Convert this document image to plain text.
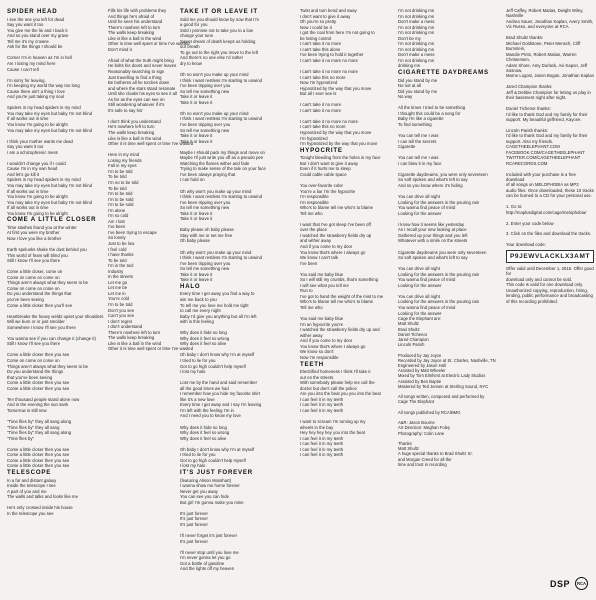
SPIDER HEAD
I see the one you left for dead
Say you want it too
You give me the lie and I back it
And so you stand over my grave
Tell me it's my crowne
Ask for the things I should be
Corner I'm in heaven as I'm in hell
Am I losing my mind here
Cause I can't tell
I'm sorry for leaving,
I'm keeping my world the way too long
Cause there ain't a thing I love
And you're just taking my soul
Spiders in my head spiders in my mind
You may take my eyes but baby I'm not blind
If all works out in time
You know I'm going to be alright
You may take my eyes but baby I'm not blind
I think your mother wants me dead
Say you want it too
I am a schizophrenic mess
I wouldn't change you if I could
Cause I'm in my own head
And let's go kill it
Spiders in my head spiders in my mind
You may take my eyes but baby I'm not blind
If all works out in time
You know I'm going to be alright
You may take my eyes but baby I'm not blind
If all works out in time
You know I'm going to be alright
COME A LITTLE CLOSER
Time slashes found you at the winter
At first you were my brother
Now I love you like a brother
Earth spelunks shake the dust behind you
This world of fears will blind you
Still I know I'll see you there
Come a little closer, come on
Come on come on come on
Things aren't always what they seem to be
Come on come on come on
Do you understand the things that
you've been seeing
Come a little closer then you'll see
Heartbreaks the heavy welds upset your shoulders
Will we burn or or just smolder
Somewhere I know I'll see you there
You wanna see if you can change it (change it)
Still I know I'll see you there
Come a little closer then you see
Come on come on come on
Things aren't always what they seem to be
Do you understand the things
that you've been seeing
Come a little closer then you see
Come a little closer then you see
Ten thousand people stand alone now
And in the evening the sun sank
Tomorrow is still new
"Time flies by" they all sang along
"Time flies by" they all sang
"Time flies by" they all sang along
"Time flies by"
Come a little closer then you see
Come a little closer then you see
Come a little closer then you see
Come a little closer then you see
TELESCOPE
In a far and distant galaxy
Inside the telescope I see
A part of you and me
The walls and talks and looks like me
He's only crossed inside his house
In the telescope you see
Fills his life with problems they
And things he's afraid of
Until he sees his understand
There's nowhere left to turn
The walls keep breaking
Like is like a ball in the wind
Other is time well spent or time I've wasted
Don't mind it
Afraid of what the truth might bring
He bolts his doors and never leaves
Reasonably searching to sign
Just travelling to find a thing
Be botheres all he torches down
and where the stars stand resonate
Until she cloaks his eyes to see it all
As far as the eyes can see on
Still wondering whatever if it's
It's safe to say his'
I don't think you understand
He's nowhere left to turn
The walls keep breaking
Like is like a ball in the wind
Other it is time well spent or time I've wasted
Here in my mind
Losing my friends
Fall in my eyes
I'm to be told
To be told
I'm no to be told
To be told
I'm to be told
I'm to be sold
I'm to be sold
I'm alone
I'm so cold
Am I lost
I've been
I've been trying to escape
So lonely
Just to be low
I feel cold
I have thanks
To be told
I'm in the tool
Industry
In the streets
Let me go
Let me be
Let me in
You're cold
I'm to be told
Don't you see
Can't you see
I don't regret
I don't understand
There's nowhere left to turn
The walls keep breaking
Like is like a ball in the wind
Other it is time well spent or time I've wasted
TAKE IT OR LEAVE IT
Sold me you should know by now that I'm
a good for you
Sold I promise not to take you to a low
change your tune
Sweet dream of death keeps us holding
our breath
To go out to the right you move to the left
And there's no one else I'd rather
dry to know
Oh no won't you make up your mind
I think I want restless I'm starting to unwind
I've been tripping over you
So tell me something new
Take it or leave it
Take it or leave it
Oh no won't you make up your mind
I think I want restless I'm starting to unwind
I've been tripping over you
So tell me something new
Take it or leave it
Take it or leave it
Maybe I should pack my things and move on
Maybe I'll just write you off as a pseudo pen
Watching the flames wither and fade
Trying to make sense of the tale on your face
I've been always praying that
I can hold on
Oh why won't you make up your mind
I think I want restless I'm starting to unwind
I've been tripping over you
So tell me something new
Take it or leave it
Take it or leave it
Baby please oh baby please
Stay with me or set me free
Oh baby please
Oh why won't you make up your mind
I think I want restless I'm starting to unwind
I've been tripping over you
So tell me something new
Take it or leave it
Take it or leave it
HALO
Every time I get away you find a way to
win me back to you
To tell me you love me hold me tight
to call me every night
Baby I'd give you anything but all I'm left
with is this feeling
Why does it hide so long
Why does it feel so wrong
Why does it feel so alive
Oh baby I don't know why I'm at myself
I tried to lie for you
Got to go high couldn't help myself
I lost my halo
Lost me by the hand and said remember
all the good times we had
I remember how you hide my favorite shirt
like it's a new love
Every time I get away and I say I'm leaving
I'm left with the feeling I'm in
And I need you to know my love
Why does it hide so long
Why does it feel so wrong
Why does it feel so alive
Oh baby I don't know why I'm at myself
I tried to lie for you
Got to go high couldn't help myself
I lost my halo
IT'S JUST FOREVER
(featuring Alison Mosshart)
I wanna show me home forever
Never get you away
You can see you can hide
But girl I'm gonna make you mine
It's just forever
It's just forever
It's just forever
I'll never forget it's just forever
It's just forever
I'll never stop until you love me
I'm never gonna let you go
Got a bottle of gasoline
And the lights off my heaven
Twist and turn bend and sway
I don't want to give it away
Oh you're so pretty
Now I could be it
I got the coal from here I'm not going to
be losing control
I can't take it no more
I can't take this alone
I've been trying to hold it together
I can't take it no more no more
I can't take it no more no more
I can't take this no more
Now I'm hypnotized
Hypnotized by the way that you move
But all I ever see is
I can't take it no more
I can't take it no more
I can't take it no more no more
I can't take this no more
Hypnotized by the way that you move
I'm hypnotized
I'm hypnotized by the way that you move
HYPOCRITE
Tonight bleeding from the holes in my face
But I don't want to give it away
Even if it hurts me to sleep
Could cable cable space
You over-favorite color
You're a liar I'm the hypocrite
I'm responsible
I'm responsible
Who's to blame tell me who's to blame
Tell me who
I want that I've got sleep I've been off
over the place
I watched the strawberry fields dry up
and wither away
And if you come to my door
You know that's where I always go
We know I can't talk
I've been
You said me baby blue
So I will still my crumbs, that's something
I will see what you tell me
Run to
I've got to hand the weight of the mist to me
Who's to blame tell me who's to blame
Tell me who
You said me baby blue
I'm an hypocrite you're
I watched the strawberry fields dry up and
wither away
And if you come to my door
You know that's where I always go
We know so don't
Now I'm responsible
TEETH
Electrified homeness I think I'll take it
out on the streets
With somebody please help me call the
doctor but don't call the police
Are you into the beat you you into the beat
I can feel it in my teeth
I can feel it in my teeth
I can feel it in my teeth
I want to scream I'm turning up my
wheels in the bay
Hey hey hey hey you into the beat
I can feel it in my teeth
I can feel it in my teeth
I can feel it in my teeth
I can feel it in my teeth
I'm not drinking ms
I'm not drinking ms
Don't make a mess
I'm not drinking ms
I'm not drinking ms
Don't be my
I'm not drinking ms
I'm not drinking ms
Don't make a mess
I'm not drinking ms
drinking ms
CIGARETTE DAYDREAMS
Did you stand by me
No not at all
Did you stand by me
No way
All the times I tried to be something
I thought this could be a song for
Baby I'm like a cigarette
To find something
You can tell me I was
I can tell the secrets
Cigarette
You can tell me I was
I can blow it in my face
Cigarette daydreams, you were only seventeen
So soft spoken and what's left to say
And so you know where it's hiding
You can drive all night
Looking for the answers in the pouring rain
You wanna find peace of mind
Looking for the answer
I know how it seems like yesterday
As I recall your new looking at place
Gathered up your things and you left
Whatever with a smile on the streets
Cigarette daydreams you were only seventeen
So soft spoken and what's left to say
You can drive all night
Looking for the answers in the pouring rain
You wanna find peace of mind
Looking for the answer
You can drive all night
Looking for the answers in the pouring rain
You wanna find peace of mind
Looking for the answer
Cage the Elephant are:
Matt Shultz
Brad Shultz
Daniel Tichenor
Jared Champion
Lincoln Parish
Produced by Jay Joyce
Recorded by Jay Joyce at St. Charles, Nashville, TN
Engineered by Jason Hall
Assisted by Matt Wheeler
Mixed by Tom Elmhirst at Electric Lady Studios
Assisted by Ben Baptie
Mastered by Ted Jensen at Sterling Sound, NYC
All songs written, composed and performed by
Cage The Elephant
All songs published by RCA/BMG
A&R: Jason Bourne
Art Direction: Meghan Foley
Photography: Colin Lane
Thanks
Matt Shultz
A huge special thanks to Brad Shultz Sr.
and Morgan Creed for all the
time and trust in recording
Jeff Caffey, Robert Matias, Dwight Wiley, Nashville
Andrea Sauer, Jonathan Kaplan, Avery Smith,
Vic Russo, and everyone at RCA
Brad Shultz thanks:
Michael Goldstone, Peter Mensch, Cliff Burnstein,
Mandie Pinto, Robert Matias, Warren Christensen,
Adam Shore, Amy Durlack, Avi Kapon, Jeff Sosnow,
Marne Lugosi, Jason Bogan, Jonathan Kaplan
Jared Champion thanks:
Jeff & Debbie Champion for letting us play in
their basement night after night.
Daniel Tichenor thanks:
I'd like to thank God and my family for their
support. My beautiful girlfriend, Kaycee.
Lincoln Parish thanks:
I'd like to thank God and my family for their
support. Also my friends.
CAGETHEELEPHANT.COM
FACEBOOK.COM/CAGETHEELEPHANT
TWITTER.COM/CAGETHEELEPHANT
RCARECORDS.COM
Included with your purchase is a free download
of all songs on MELOPHOBIA as MP3
audio files. Once downloaded, these 10 tracks
can be burned to a CD for your personal use.
1. Go to:
http://rcaplusdigital.com/cage/melophobia/
2. Enter your code below
3. Click on the files and download the tracks.
Your download code:
P9JEWVLACKLX3AMT
Offer valid until December 1, 2015. Offer good for
download only and cannot be sold.
This code is valid for one download only.
Unauthorized copying, reproduction, hiring,
lending, public performance and broadcasting
of this recording prohibited.
DSP	RCA
